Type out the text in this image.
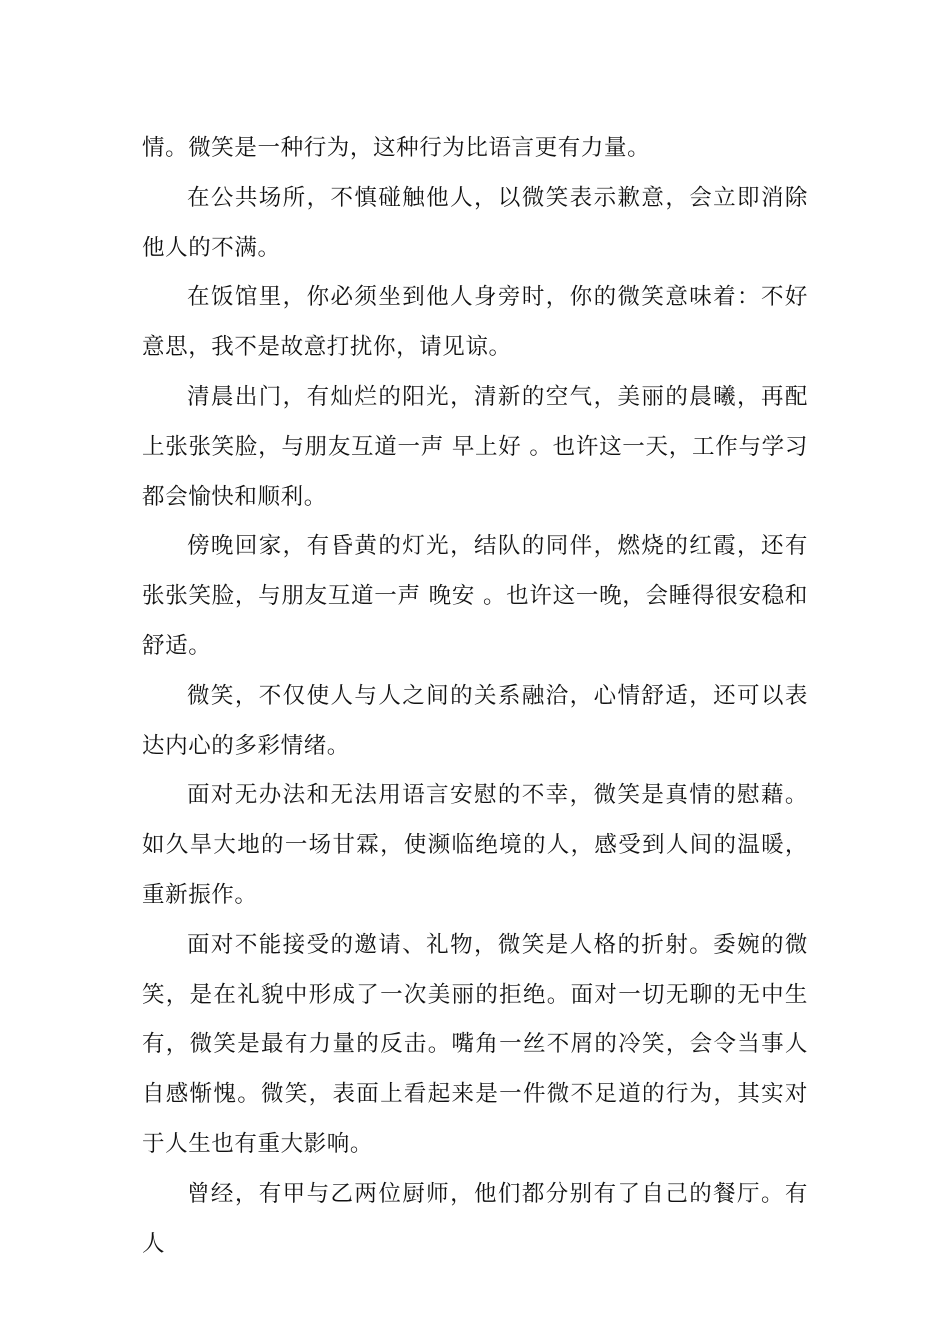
情。微笑是一种行为，这种行为比语言更有力量。

在公共场所，不慎碰触他人，以微笑表示歉意，会立即消除他人的不满。

在饭馆里，你必须坐到他人身旁时，你的微笑意味着：不好意思，我不是故意打扰你，请见谅。

清晨出门，有灿烂的阳光，清新的空气，美丽的晨曦，再配上张张笑脸，与朋友互道一声 早上好 。也许这一天，工作与学习都会愉快和顺利。

傍晚回家，有昏黄的灯光，结队的同伴，燃烧的红霞，还有张张笑脸，与朋友互道一声 晚安 。也许这一晚，会睡得很安稳和舒适。

微笑，不仅使人与人之间的关系融洽，心情舒适，还可以表达内心的多彩情绪。

面对无办法和无法用语言安慰的不幸，微笑是真情的慰藉。如久旱大地的一场甘霖，使濒临绝境的人，感受到人间的温暖，重新振作。

面对不能接受的邀请、礼物，微笑是人格的折射。委婉的微笑，是在礼貌中形成了一次美丽的拒绝。面对一切无聊的无中生有，微笑是最有力量的反击。嘴角一丝不屑的冷笑，会令当事人自感惭愧。微笑，表面上看起来是一件微不足道的行为，其实对于人生也有重大影响。

曾经，有甲与乙两位厨师，他们都分别有了自己的餐厅。有人
